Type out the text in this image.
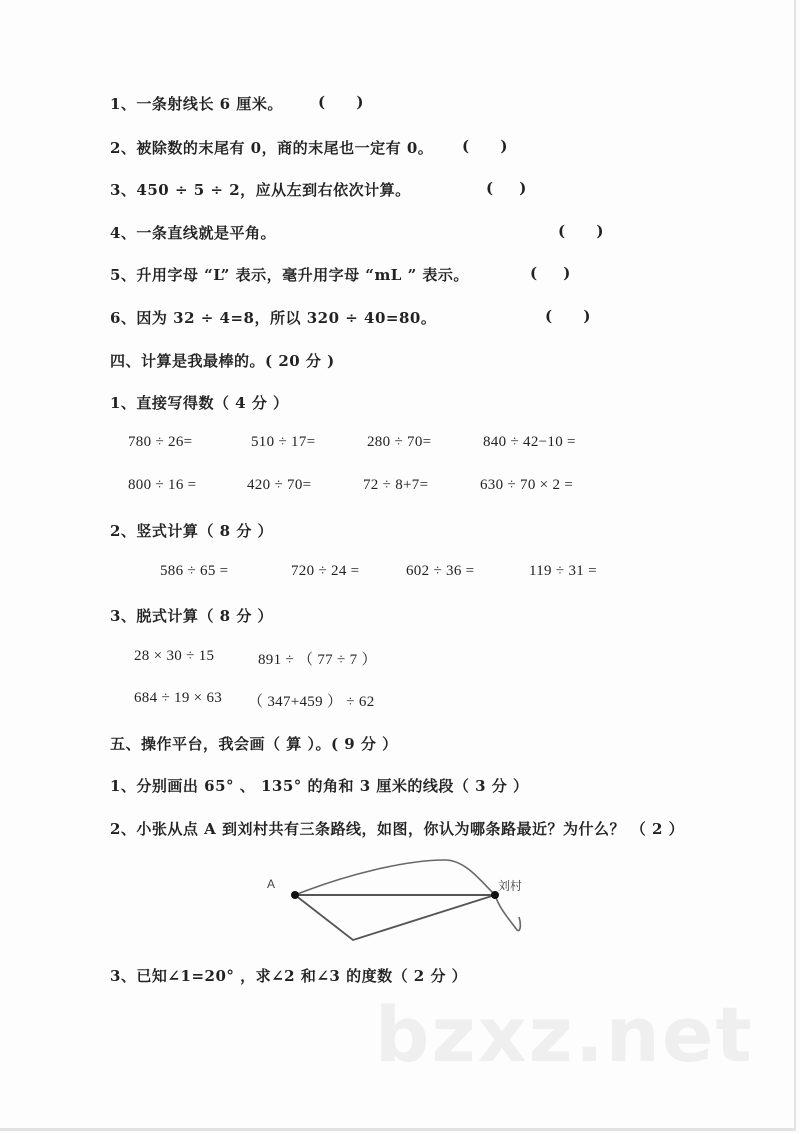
1、一条射线长 6 厘米。 (      )
2、被除数的末尾有 0，商的末尾也一定有 0。 (      )
3、450 ÷ 5 ÷ 2，应从左到右依次计算。	(     )
4、一条直线就是平角。	(      )
5、升用字母 “L” 表示，毫升用字母 “mL ” 表示。	(     )
6、因为 32 ÷ 4=8，所以 320 ÷ 40=80。	(      )
四、计算是我最棒的。( 20 分 )
1、直接写得数（ 4 分 ）
780 ÷ 26=	510 ÷ 17=	280 ÷ 70=	840 ÷ 42−10 =
800 ÷ 16 =	420 ÷ 70=	72 ÷ 8+7=	630 ÷ 70 × 2 =
2、竖式计算（ 8 分 ）
586 ÷ 65 =	720 ÷ 24 =	602 ÷ 36 =	119 ÷ 31 =
3、脱式计算（ 8 分 ）
28 × 30 ÷ 15	891 ÷ （ 77 ÷ 7 ）
684 ÷ 19 × 63 （ 347+459 ） ÷ 62
五、操作平台，我会画（ 算 ）。( 9 分 ）
1、分别画出 65° 、 135° 的角和 3 厘米的线段（ 3 分 ）
2、小张从点 A 到刘村共有三条路线，如图，你认为哪条路最近？为什么？ （ 2 ）
A	刘村
3、已知∠1=20° ，求∠2 和∠3 的度数（ 2 分 ）
bzxz.net
